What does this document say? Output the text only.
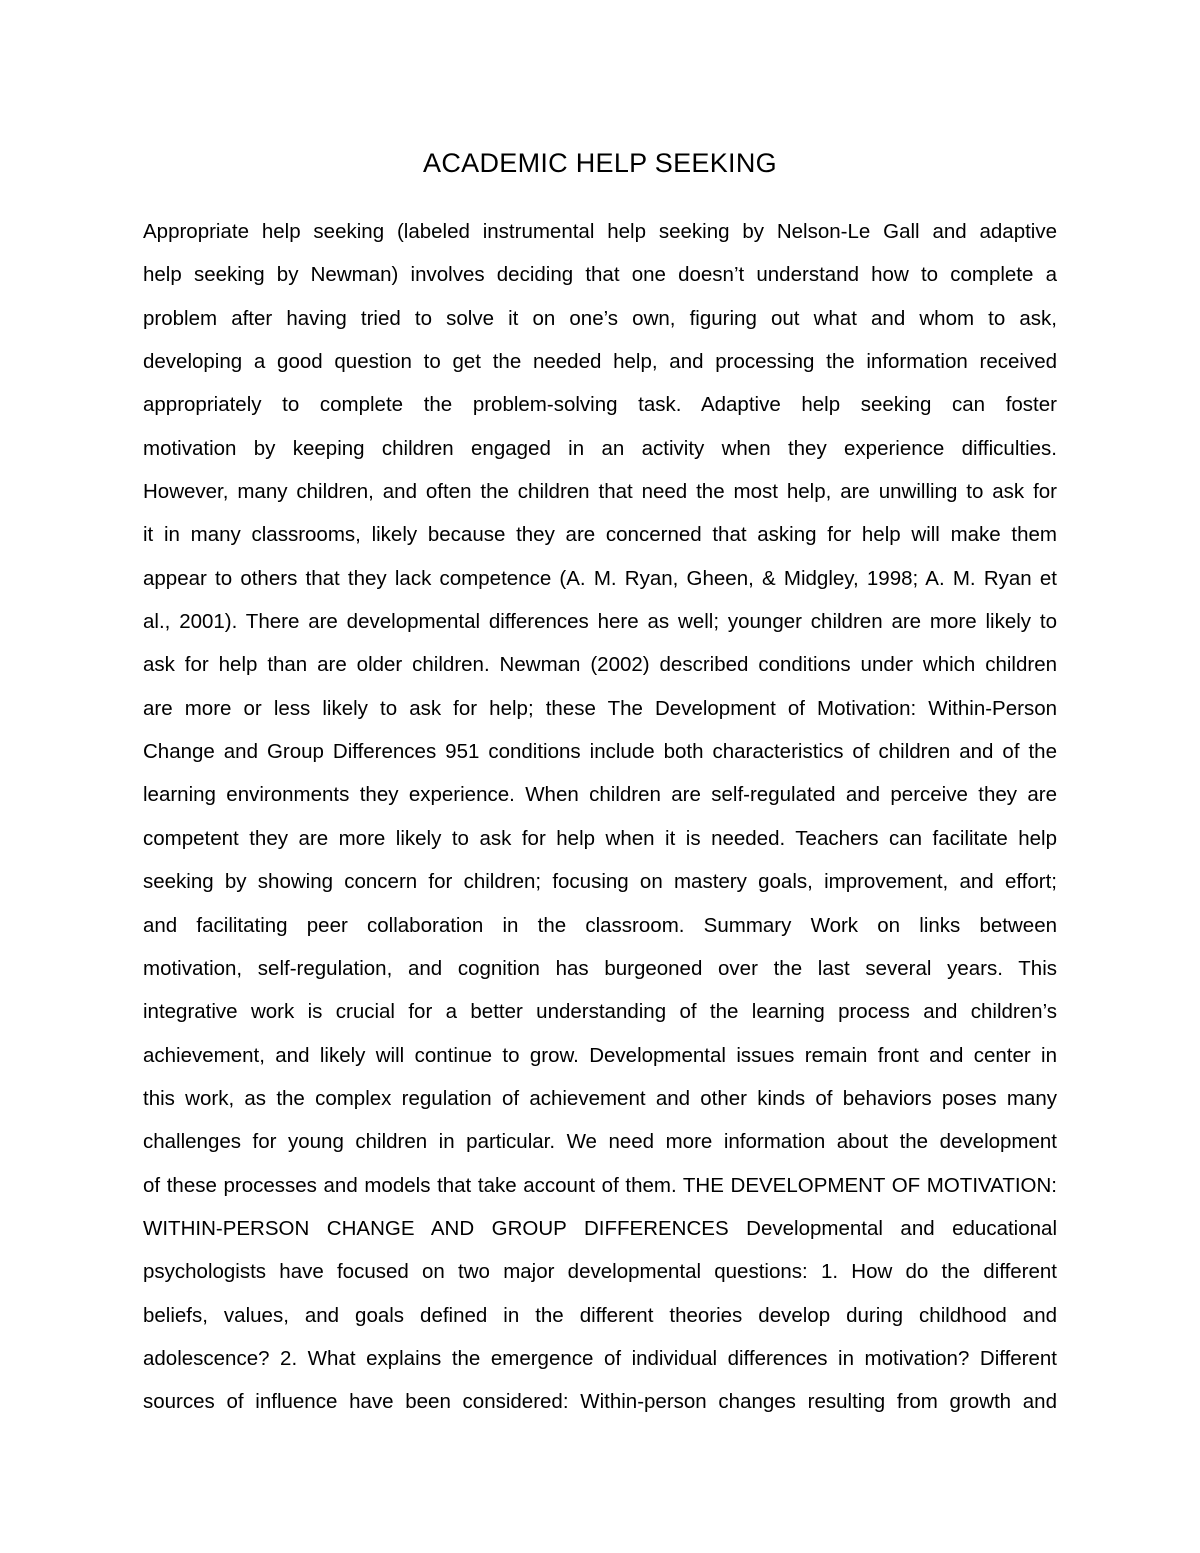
ACADEMIC HELP SEEKING
Appropriate help seeking (labeled instrumental help seeking by Nelson-Le Gall and adaptive
help seeking by Newman) involves deciding that one doesn’t understand how to complete a
problem after having tried to solve it on one’s own, figuring out what and whom to ask,
developing a good question to get the needed help, and processing the information received
appropriately to complete the problem-solving task. Adaptive help seeking can foster
motivation by keeping children engaged in an activity when they experience difficulties.
However, many children, and often the children that need the most help, are unwilling to ask for
it in many classrooms, likely because they are concerned that asking for help will make them
appear to others that they lack competence (A. M. Ryan, Gheen, & Midgley, 1998; A. M. Ryan et
al., 2001). There are developmental differences here as well; younger children are more likely to
ask for help than are older children. Newman (2002) described conditions under which children
are more or less likely to ask for help; these The Development of Motivation: Within-Person
Change and Group Differences 951 conditions include both characteristics of children and of the
learning environments they experience. When children are self-regulated and perceive they are
competent they are more likely to ask for help when it is needed. Teachers can facilitate help
seeking by showing concern for children; focusing on mastery goals, improvement, and effort;
and facilitating peer collaboration in the classroom. Summary Work on links between
motivation, self-regulation, and cognition has burgeoned over the last several years. This
integrative work is crucial for a better understanding of the learning process and children’s
achievement, and likely will continue to grow. Developmental issues remain front and center in
this work, as the complex regulation of achievement and other kinds of behaviors poses many
challenges for young children in particular. We need more information about the development
of these processes and models that take account of them. THE DEVELOPMENT OF MOTIVATION:
WITHIN-PERSON CHANGE AND GROUP DIFFERENCES Developmental and educational
psychologists have focused on two major developmental questions: 1. How do the different
beliefs, values, and goals defined in the different theories develop during childhood and
adolescence? 2. What explains the emergence of individual differences in motivation? Different
sources of influence have been considered: Within-person changes resulting from growth and
